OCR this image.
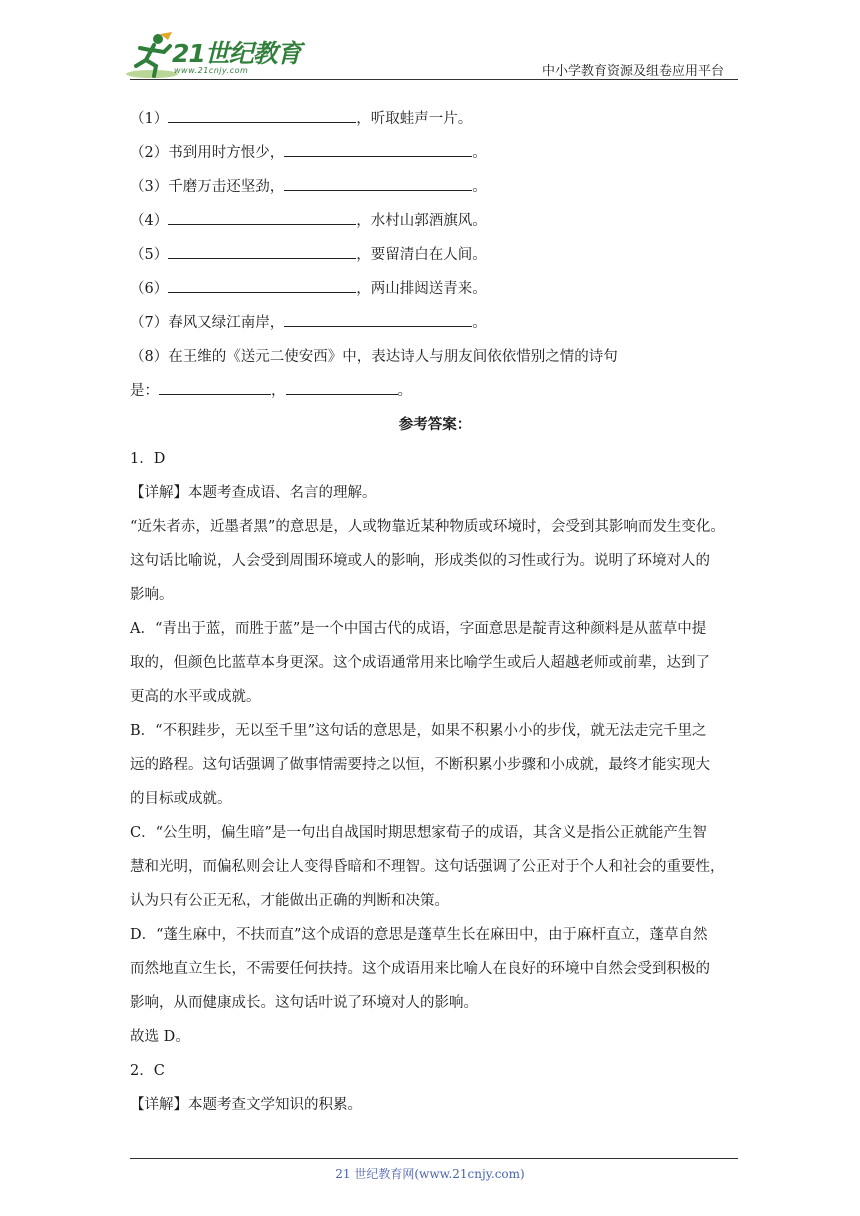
21世纪教育
www.21cnjy.com	中小学教育资源及组卷应用平台
（1）	，听取蛙声一片。
（2）书到用时方恨少，	。
（3）千磨万击还坚劲，	。
（4）	，水村山郭酒旗风。
（5）	，要留清白在人间。
（6）	，两山排闼送青来。
（7）春风又绿江南岸，	。
（8）在王维的《送元二使安西》中，表达诗人与朋友间依依惜别之情的诗句
是：	，	。
参考答案：
1．D
【详解】本题考查成语、名言的理解。
“近朱者赤，近墨者黑”的意思是，人或物靠近某种物质或环境时，会受到其影响而发生变化。
这句话比喻说，人会受到周围环境或人的影响，形成类似的习性或行为。说明了环境对人的
影响。
A．“青出于蓝，而胜于蓝”是一个中国古代的成语，字面意思是靛青这种颜料是从蓝草中提
取的，但颜色比蓝草本身更深。这个成语通常用来比喻学生或后人超越老师或前辈，达到了
更高的水平或成就。
B．“不积跬步，无以至千里”这句话的意思是，如果不积累小小的步伐，就无法走完千里之
远的路程。这句话强调了做事情需要持之以恒，不断积累小步骤和小成就，最终才能实现大
的目标或成就。
C．“公生明，偏生暗”是一句出自战国时期思想家荀子的成语，其含义是指公正就能产生智
慧和光明，而偏私则会让人变得昏暗和不理智。这句话强调了公正对于个人和社会的重要性，
认为只有公正无私，才能做出正确的判断和决策。
D．“蓬生麻中，不扶而直”这个成语的意思是蓬草生长在麻田中，由于麻杆直立，蓬草自然
而然地直立生长，不需要任何扶持。这个成语用来比喻人在良好的环境中自然会受到积极的
影响，从而健康成长。这句话叶说了环境对人的影响。
故选 D。
2．C
【详解】本题考查文学知识的积累。
21 世纪教育网(www.21cnjy.com)
